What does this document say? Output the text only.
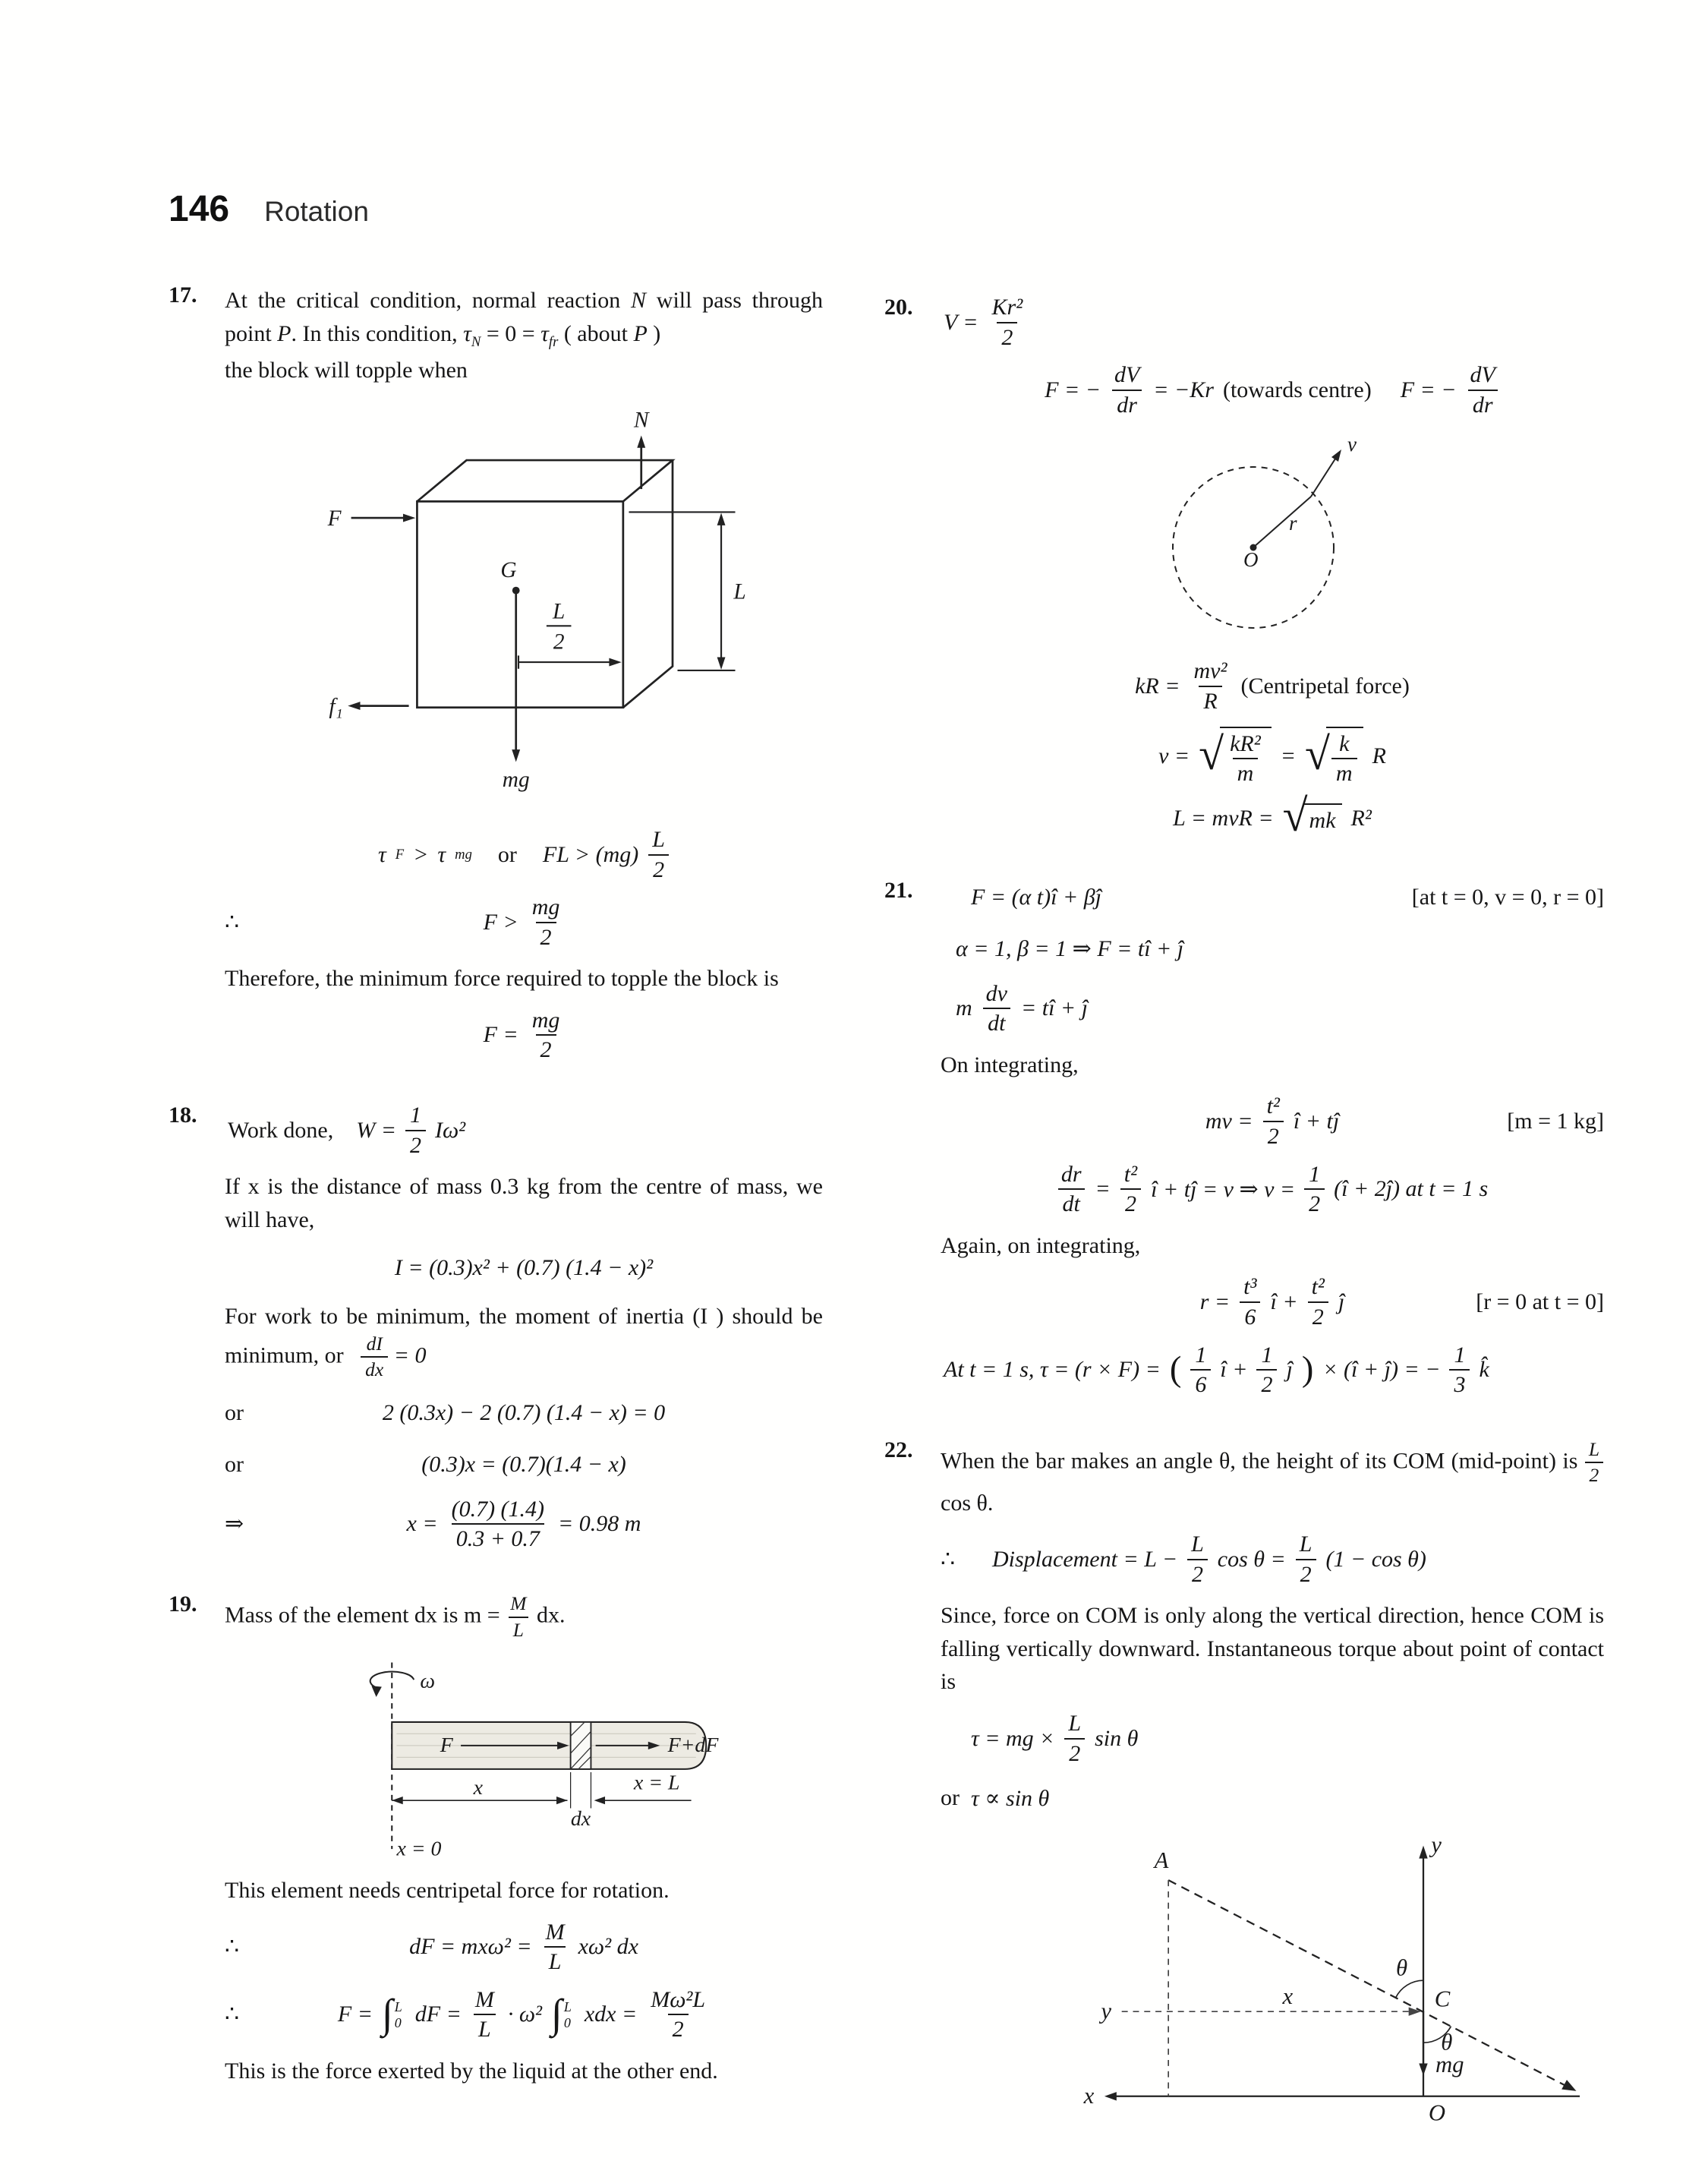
146 Rotation
17.	At the critical condition, normal reaction N will pass through point P. In this condition, $\tau_N = 0 = \tau_{fr}$ ( about P )

the block will topple when

N
F
G
mg
L
2
L
f₁
τ F > τ mg or FL > $(mg) \frac{L}{2}$
∴	$F > \frac{mg}{2}$

Therefore, the minimum force required to topple the block is

$F = \frac{mg}{2}$
18.
Work done, $W = \frac{1}{2} I\omega^2$

If x is the distance of mass 0.3 kg from the centre of mass, we will have,

I = (0.3)x² + (0.7) (1.4 − x)²

For work to be minimum, the moment of inertia (I ) should be minimum, or $\frac{dI}{dx} = 0$

or	2 (0.3x) − 2 (0.7) (1.4 − x) = 0
or	(0.3)x = (0.7)(1.4 − x)
⇒	$x = \frac{(0.7) (1.4)}{0.3 + 0.7} = 0.98$ m
19.	Mass of the element dx is $m = \frac{M}{L}$ dx.

ω
F	F+dF
x
dx
x = L
x = 0

This element needs centripetal force for rotation.

∴	dF = $mx\omega^2 = \frac{M}{L} x\omega^2$ dx
∴	F = ∫ L
0 dF = $\frac{M}{L} \cdot \omega^2$ ∫ L
0 xdx = $\frac{\text{Mω²L}}{2}$

This is the force exerted by the liquid at the other end.

20.
$V = \frac{\text{Kr²}}{2}$
F = − $\frac{dV}{dr} = -Kr$ (towards centre) F = − $\frac{dV}{dr}$
O
r
v
kR = $\frac{\text{mv²}}{R}$ (Centripetal force)
v = √ $\frac{\text{kR²}}{m}$ = √ $\frac{k}{m}$ R
L = mvR = √ mk R²
21.	F = (α t)î + βĵ	[at t = 0, v = 0, r = 0]
α = 1, β = 1 ⇒ F = tî + ĵ
m $\frac{dv}{dt}$ = tî + ĵ

On integrating,

mv = $\frac{\text{t²}}{2}$ î + tĵ	[m = 1 kg]
$\frac{dr}{dt} = \frac{\text{t²}}{2}$ î + tĵ = v ⇒ $v = \frac{1}{2}$ (î + 2ĵ) at t = 1 s

Again, on integrating,

$r = \frac{\text{t³}}{6}$ î + $\frac{\text{t²}}{2}$ ĵ	[r = 0 at t = 0]
At t = 1 s, τ = (r × F) = ( $\frac{1}{6}$ î + $\frac{1}{2}$ ĵ ) × (î + ĵ) = − $\frac{1}{3}$ k̂
22.	When the bar makes an angle θ, the height of its COM (mid-point) is $\frac{L}{2}$
cos θ.

∴ Displacement = $L - \frac{L}{2}$ $\cos \theta = \frac{L}{2} (1 - \cos \theta)$

Since, force on COM is only along the vertical direction, hence COM is falling vertically downward. Instantaneous torque about point of contact is

τ = mg × $\frac{L}{2}$ sin θ
or τ ∝ sin θ
y
x
O
A
y
x
θ
C
mg
θ
